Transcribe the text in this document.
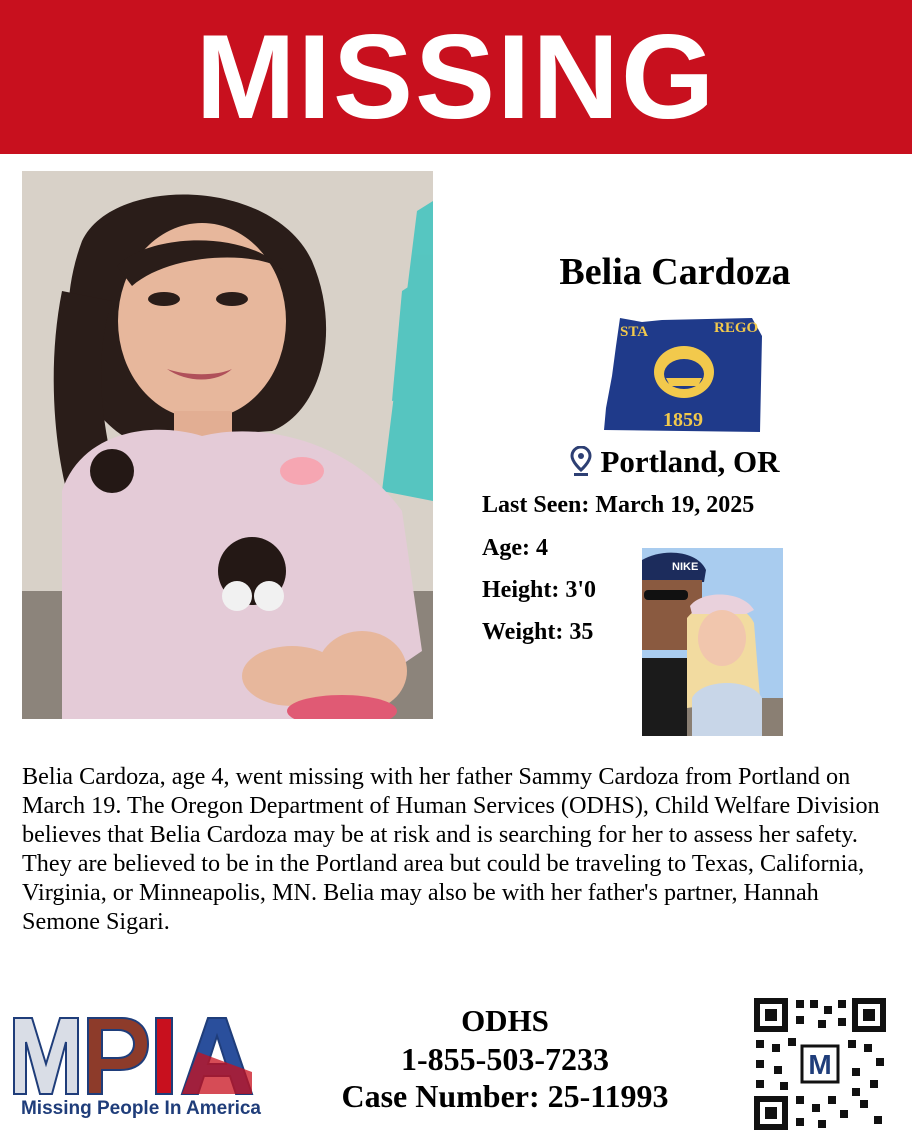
MISSING
Belia Cardoza
STA	REGO
1859
Portland, OR
Last Seen: March 19, 2025
Age: 4
Height: 3'0
Weight: 35
NIKE
Belia Cardoza, age 4, went missing with her father Sammy Cardoza from Portland on March 19. The Oregon Department of Human Services (ODHS), Child Welfare Division believes that Belia Cardoza may be at risk and is searching for her to assess her safety. They are believed to be in the Portland area but could be traveling to Texas, California, Virginia, or Minneapolis, MN. Belia may also be with her father's partner, Hannah Semone Sigari.
Missing People In America
ODHS
1-855-503-7233
Case Number: 25-11993
M
